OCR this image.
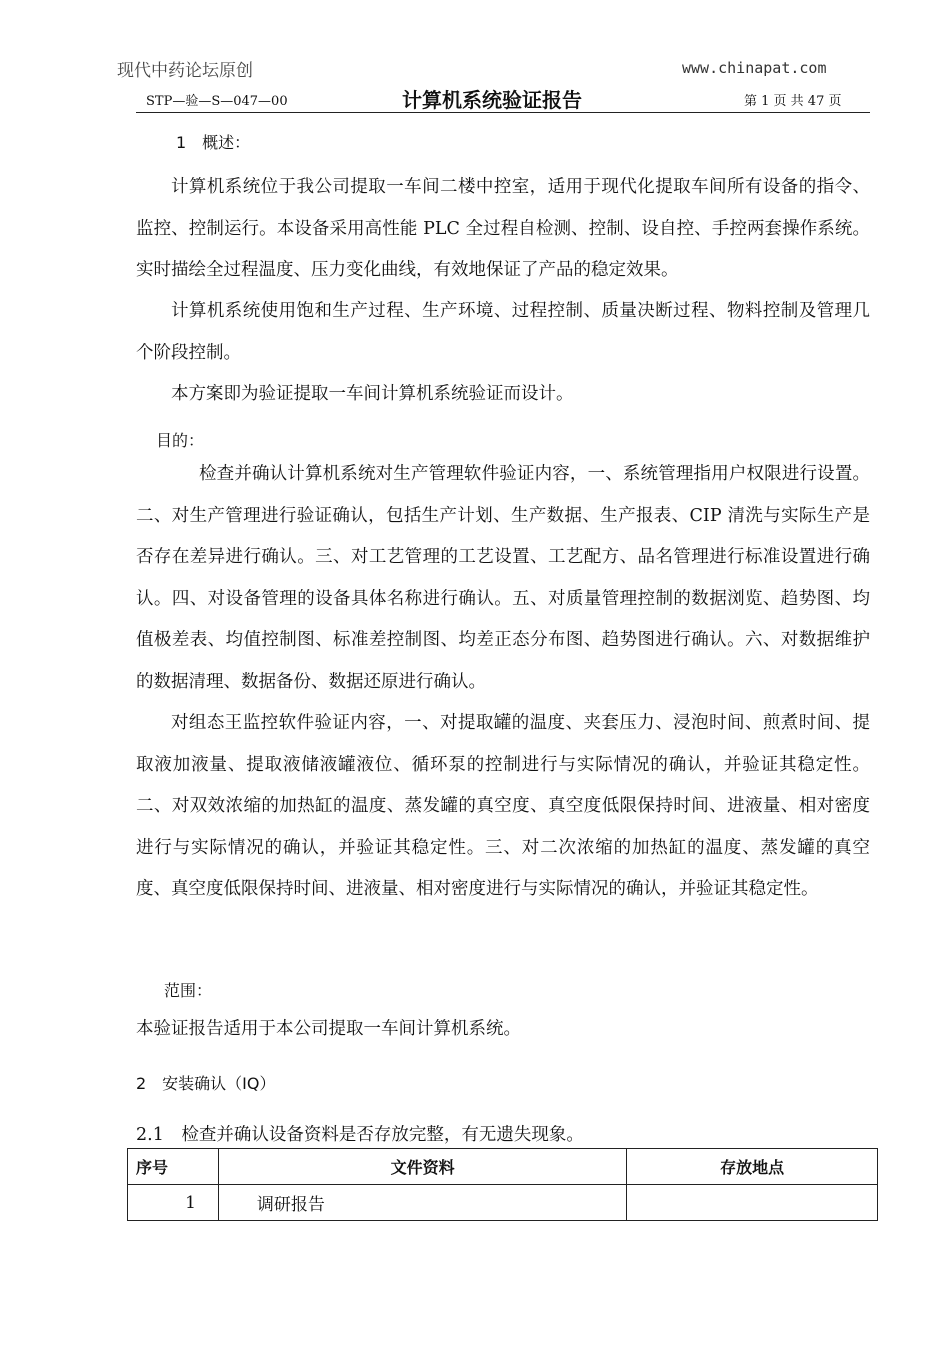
现代中药论坛原创	www.chinapat.com
STP—验—S—047—00	计算机系统验证报告	第 1 页 共 47 页
1　概述：
计算机系统位于我公司提取一车间二楼中控室，适用于现代化提取车间所有设备的指令、监控、控制运行。本设备采用高性能 PLC 全过程自检测、控制、设自控、手控两套操作系统。实时描绘全过程温度、压力变化曲线，有效地保证了产品的稳定效果。
计算机系统使用饱和生产过程、生产环境、过程控制、质量决断过程、物料控制及管理几个阶段控制。
本方案即为验证提取一车间计算机系统验证而设计。
目的：
检查并确认计算机系统对生产管理软件验证内容，一、系统管理指用户权限进行设置。二、对生产管理进行验证确认，包括生产计划、生产数据、生产报表、CIP 清洗与实际生产是否存在差异进行确认。三、对工艺管理的工艺设置、工艺配方、品名管理进行标准设置进行确认。四、对设备管理的设备具体名称进行确认。五、对质量管理控制的数据浏览、趋势图、均值极差表、均值控制图、标准差控制图、均差正态分布图、趋势图进行确认。六、对数据维护的数据清理、数据备份、数据还原进行确认。
对组态王监控软件验证内容，一、对提取罐的温度、夹套压力、浸泡时间、煎煮时间、提取液加液量、提取液储液罐液位、循环泵的控制进行与实际情况的确认，并验证其稳定性。二、对双效浓缩的加热缸的温度、蒸发罐的真空度、真空度低限保持时间、进液量、相对密度进行与实际情况的确认，并验证其稳定性。三、对二次浓缩的加热缸的温度、蒸发罐的真空度、真空度低限保持时间、进液量、相对密度进行与实际情况的确认，并验证其稳定性。
范围：
本验证报告适用于本公司提取一车间计算机系统。
2　安装确认（IQ）
2.1　检查并确认设备资料是否存放完整，有无遗失现象。
序号	文件资料	存放地点
1	调研报告	
